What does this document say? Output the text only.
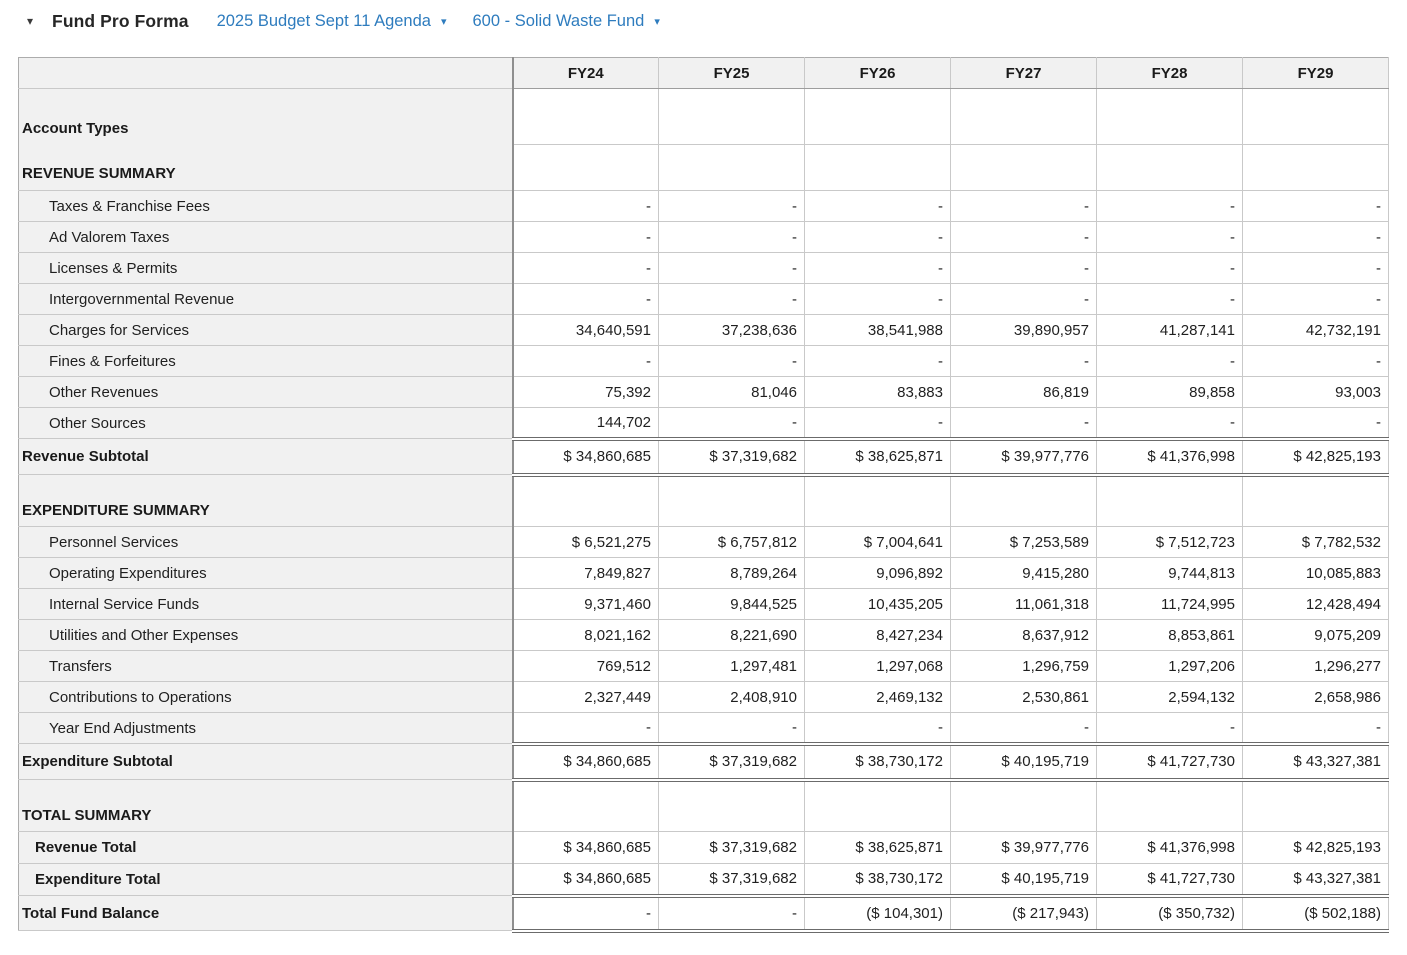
▾ Fund Pro Forma 2025 Budget Sept 11 Agenda ▾ 600 - Solid Waste Fund ▾
	FY24	FY25	FY26	FY27	FY28	FY29

Account Types
REVENUE SUMMARY						

Taxes & Franchise Fees	-	-	-	-	-	-
Ad Valorem Taxes	-	-	-	-	-	-
Licenses & Permits	-	-	-	-	-	-
Intergovernmental Revenue	-	-	-	-	-	-
Charges for Services	34,640,591	37,238,636	38,541,988	39,890,957	41,287,141	42,732,191
Fines & Forfeitures	-	-	-	-	-	-
Other Revenues	75,392	81,046	83,883	86,819	89,858	93,003
Other Sources	144,702	-	-	-	-	-
Revenue Subtotal	$ 34,860,685	$ 37,319,682	$ 38,625,871	$ 39,977,776	$ 41,376,998	$ 42,825,193
EXPENDITURE SUMMARY						
Personnel Services	$ 6,521,275	$ 6,757,812	$ 7,004,641	$ 7,253,589	$ 7,512,723	$ 7,782,532
Operating Expenditures	7,849,827	8,789,264	9,096,892	9,415,280	9,744,813	10,085,883
Internal Service Funds	9,371,460	9,844,525	10,435,205	11,061,318	11,724,995	12,428,494
Utilities and Other Expenses	8,021,162	8,221,690	8,427,234	8,637,912	8,853,861	9,075,209
Transfers	769,512	1,297,481	1,297,068	1,296,759	1,297,206	1,296,277
Contributions to Operations	2,327,449	2,408,910	2,469,132	2,530,861	2,594,132	2,658,986
Year End Adjustments	-	-	-	-	-	-
Expenditure Subtotal	$ 34,860,685	$ 37,319,682	$ 38,730,172	$ 40,195,719	$ 41,727,730	$ 43,327,381
TOTAL SUMMARY						
Revenue Total	$ 34,860,685	$ 37,319,682	$ 38,625,871	$ 39,977,776	$ 41,376,998	$ 42,825,193
Expenditure Total	$ 34,860,685	$ 37,319,682	$ 38,730,172	$ 40,195,719	$ 41,727,730	$ 43,327,381
Total Fund Balance	-	-	($ 104,301)	($ 217,943)	($ 350,732)	($ 502,188)
